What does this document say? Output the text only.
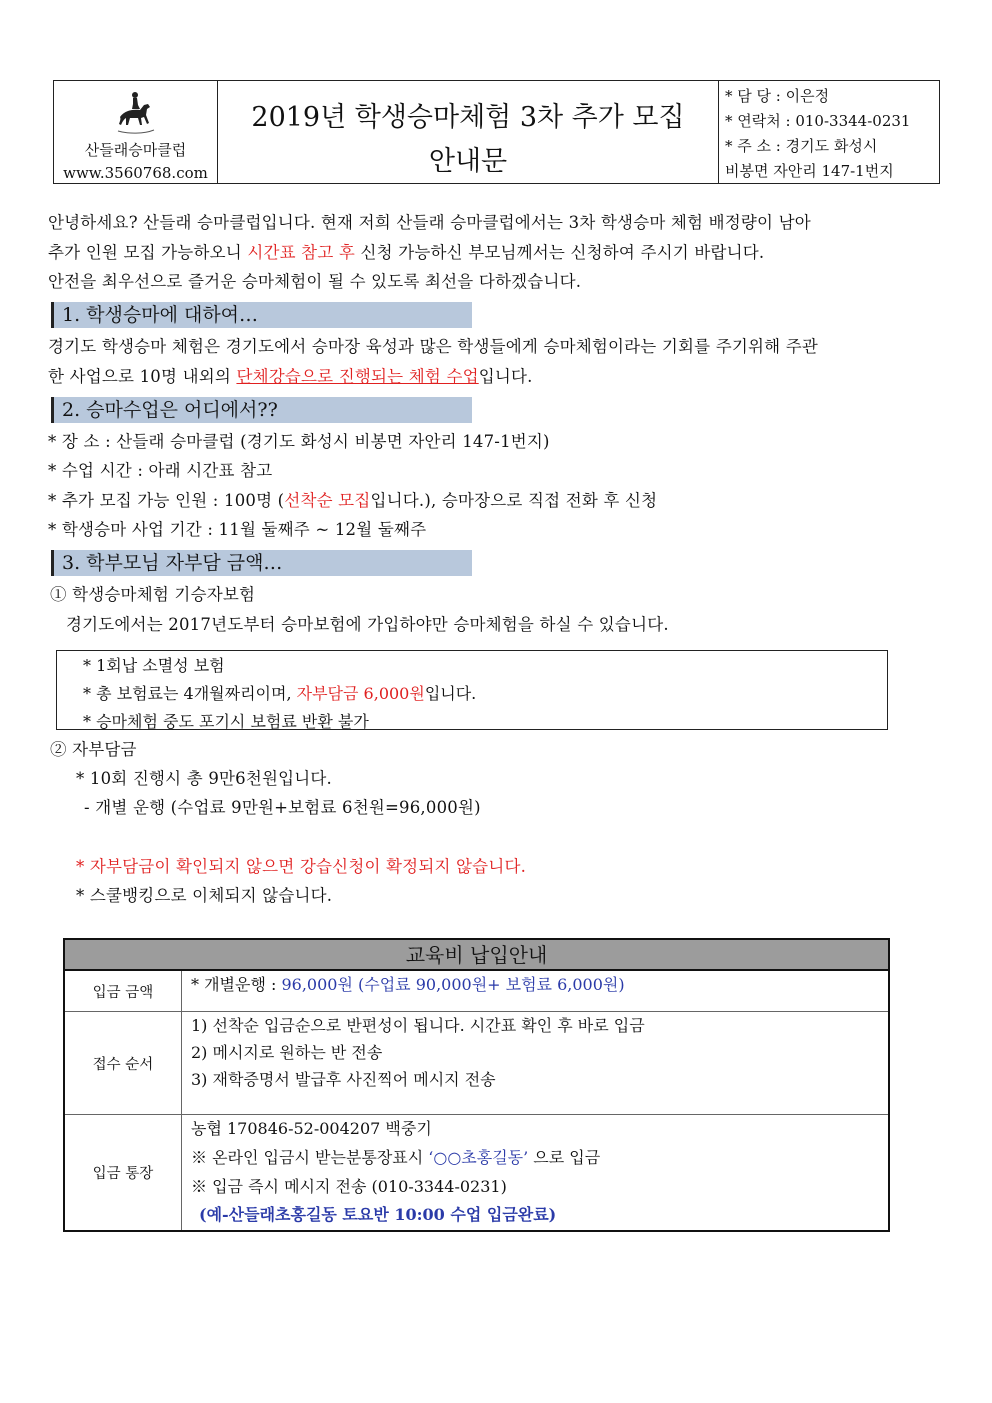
산들래승마클럽
www.3560768.com
2019년 학생승마체험 3차 추가 모집
안내문
* 담 당 : 이은정
* 연락처 : 010-3344-0231
* 주 소 : 경기도 화성시
비봉면 자안리 147-1번지
안녕하세요? 산들래 승마클럽입니다. 현재 저희 산들래 승마클럽에서는 3차 학생승마 체험 배정량이 남아
추가 인원 모집 가능하오니 시간표 참고 후 신청 가능하신 부모님께서는 신청하여 주시기 바랍니다.
안전을 최우선으로 즐거운 승마체험이 될 수 있도록 최선을 다하겠습니다.
1. 학생승마에 대하여…
경기도 학생승마 체험은 경기도에서 승마장 육성과 많은 학생들에게 승마체험이라는 기회를 주기위해 주관
한 사업으로 10명 내외의 단체강습으로 진행되는 체험 수업입니다.
2. 승마수업은 어디에서??
* 장 소 : 산들래 승마클럽 (경기도 화성시 비봉면 자안리 147-1번지)
* 수업 시간 : 아래 시간표 참고
* 추가 모집 가능 인원 : 100명 (선착순 모집입니다.), 승마장으로 직접 전화 후 신청
* 학생승마 사업 기간 : 11월 둘째주 ~ 12월 둘째주
3. 학부모님 자부담 금액…
① 학생승마체험 기승자보험
경기도에서는 2017년도부터 승마보험에 가입하야만 승마체험을 하실 수 있습니다.
* 1회납 소멸성 보험
* 총 보험료는 4개월짜리이며, 자부담금 6,000원입니다.
* 승마체험 중도 포기시 보험료 반환 불가
② 자부담금
* 10회 진행시 총 9만6천원입니다.
- 개별 운행 (수업료 9만원+보험료 6천원=96,000원)
* 자부담금이 확인되지 않으면 강습신청이 확정되지 않습니다.
* 스쿨뱅킹으로 이체되지 않습니다.
교육비 납입안내
입금 금액	* 개별운행 : 96,000원 (수업료 90,000원+ 보험료 6,000원)
접수 순서
1) 선착순 입금순으로 반편성이 됩니다. 시간표 확인 후 바로 입금
2) 메시지로 원하는 반 전송
3) 재학증명서 발급후 사진찍어 메시지 전송
입금 통장
농협 170846-52-004207 백중기
※ 온라인 입금시 받는분통장표시 ‘○○초홍길동’ 으로 입금
※ 입금 즉시 메시지 전송 (010-3344-0231)
(예-산들래초홍길동 토요반 10:00 수업 입금완료)
